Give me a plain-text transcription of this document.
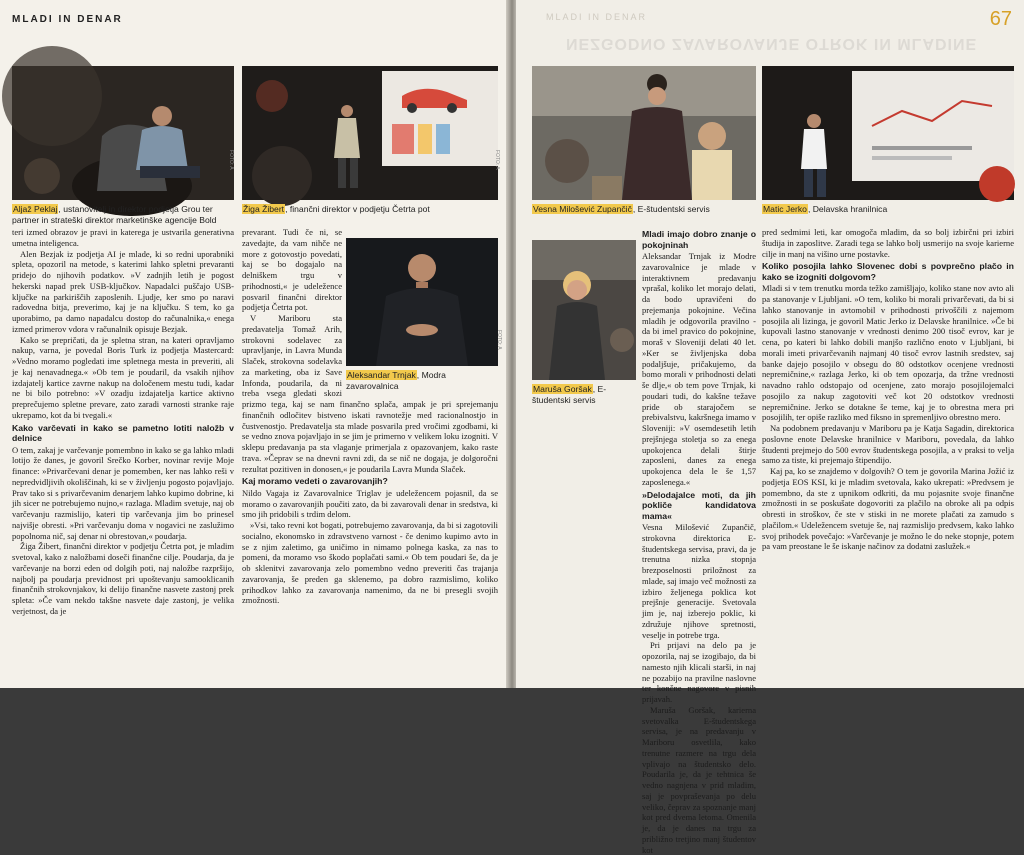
MLADI IN DENAR
FOTO: A
Aljaž Peklaj, ustanovitelj in direktor podjetja Grou ter partner in strateški direktor marketinške agencije Bold
FOTO: A
Žiga Žibert, finančni direktor v podjetju Četrta pot

teri izmed obrazov je pravi in katerega je ustvarila generativna umetna inteligenca.

Alen Bezjak iz podjetja AI je mlade, ki so redni uporabniki spleta, opozoril na metode, s katerimi lahko spletni prevaranti pridejo do njihovih podatkov. »V zadnjih letih je pogost hekerski napad prek USB-ključkov. Napadalci puščajo USB-ključke na parkiriščih zaposlenih. Ljudje, ker smo po naravi radovedna bitja, preverimo, kaj je na ključku. S tem, ko ga uporabimo, pa damo napadalcu dostop do računalnika,« enega izmed primerov vdora v računalnik opisuje Bezjak.

Kako se prepričati, da je spletna stran, na kateri opravljamo nakup, varna, je povedal Boris Turk iz podjetja Mastercard: »Vedno moramo pogledati ime spletnega mesta in preveriti, ali je kaj nenavadnega.« »Ob tem je poudaril, da vsakih njihov izdajatelj kartice zavrne nakup na določenem mestu tudi, kadar ne bi bilo potrebno: »V ozadju izdajatelja kartice aktivno preprečujemo spletne prevare, zato zaradi varnosti stranke raje ukrepamo, kot da bi tvegali.«

Kako varčevati in kako se pametno lotiti naložb v delnice

O tem, zakaj je varčevanje pomembno in kako se ga lahko mladi lotijo že danes, je govoril Srečko Korber, novinar revije Moje finance: »Privarčevani denar je pomemben, ker nas lahko reši v nepredvidljivih okoliščinah, ki se v življenju pogosto pojavljajo. Prav tako si s privarčevanim denarjem lahko kupimo dobrine, ki jih sicer ne potrebujemo nujno,« razlaga. Mladim svetuje, naj ob varčevanju razmislijo, kateri tip varčevanja jim bo prinesel najvišje obresti. »Pri varčevanju doma v nogavici ne zaslužimo popolnoma nič, saj denar ni obrestovan,« poudarja.

Žiga Žibert, finančni direktor v podjetju Četrta pot, je mladim svetoval, kako z naložbami doseči finančne cilje. Poudarja, da je varčevanje na borzi eden od dolgih poti, naj naložbe razpršijo, najbolj pa poudarja previdnost pri upoštevanju samooklicanih finančnih strokovnjakov, ki delijo finančne nasvete zastonj prek spleta: »Če vam nekdo takšne nasvete daje zastonj, je velika verjetnost, da je

prevarant. Tudi če ni, se zavedajte, da vam nihče ne more z gotovostjo povedati, kaj se bo dogajalo na delniškem trgu v prihodnosti,« je udeležence posvaril finančni direktor podjetja Četrta pot.

V Mariboru sta predavatelja Tomaž Arih, strokovni sodelavec za upravljanje, in Lavra Munda Slaček, strokovna sodelavka za marketing, oba iz Save Infonda, poudarila, da ni treba vsega gledati skozi prizmo tega, kaj se nam finančno splača, ampak je pri sprejemanju finančnih odločitev bistveno iskati ravnotežje med racionalnostjo in čustvenostjo. Predavatelja sta mlade posvarila pred vročimi zgodbami, ki se vedno znova pojavljajo in se jim je primerno v velikem loku izogniti. V sklepu predavanja pa sta vlaganje primerjala z opazovanjem, kako raste trava. »Čeprav se na dnevni ravni zdi, da se nič ne dogaja, je dolgoročni rezultat pozitiven in donosen,« je poudarila Lavra Munda Slaček.

Kaj moramo vedeti o zavarovanjih?

Nildo Vagaja iz Zavarovalnice Triglav je udeležencem pojasnil, da se moramo o zavarovanjih poučiti zato, da bi zavarovali denar in sredstva, ki smo jih pridobili s trdim delom.

»Vsi, tako revni kot bogati, potrebujemo zavarovanja, da bi si zagotovili socialno, ekonomsko in zdravstveno varnost - če denimo kupimo avto in se z njim zaletimo, ga uničimo in nimamo polnega kaska, za nas to pomeni, da moramo vso škodo poplačati sami.« Ob tem poudari še, da je ob sklenitvi zavarovanja zelo pomembno vedno preveriti čas trajanja zavarovanja, še preden ga sklenemo, pa dobro razmislimo, koliko prihodkov lahko za zavarovanja namenimo, da ne bi presegli svojih zmožnosti.

MLADI IN DENAR
NEZGODNO ZAVAROVANJE OTROK IN MLADINE
67
Vesna Milošević Zupančič, E-študentski servis	Matic Jerko, Delavska hranilnica
Maruša Goršak, E-študentski servis
Mladi imajo dobro znanje o pokojninah

Aleksandar Trnjak iz Modre zavarovalnice je mlade v interaktivnem predavanju vprašal, koliko let morajo delati, da bodo upravičeni do prejemanja pokojnine. Večina mladih je odgovorila pravilno - da bi imel pravico do pokojnine, moraš v Sloveniji delati 40 let. »Ker se življenjska doba podaljšuje, pričakujemo, da bomo morali v prihodnosti delati še dlje,« ob tem pove Trnjak, ki poudari tudi, do kakšne težave pride ob starajočem se prebivalstvu, kakršnega imamo v Sloveniji: »V osemdesetih letih prejšnjega stoletja so za enega upokojenca delali štirje zaposleni, danes za enega upokojenca dela le še 1,57 zaposlenega.«

»Delodajalce moti, da jih pokliče kandidatova mama«

Vesna Milošević Zupančič, strokovna direktorica E-študentskega servisa, pravi, da je trenutna nizka stopnja brezposelnosti priložnost za mlade, saj imajo več možnosti za izbiro željenega poklica kot prejšnje generacije. Svetovala jim je, naj izberejo poklic, ki združuje njihove spretnosti, veselje in potrebe trga.

Pri prijavi na delo pa je opozorila, naj se izogibajo, da bi namesto njih klicali starši, in naj ne pozabijo na pravilne naslovne ter končne nagovore v pisnih prijavah.

Maruša Goršak, karierna svetovalka E-študentskega servisa, je na predavanju v Mariboru osvetlila, kako trenutne razmere na trgu dela vplivajo na študentsko delo. Poudarila je, da je tehtnica še vedno nagnjena v prid mladim, saj je povpraševanja po delu veliko, čeprav za spoznanje manj kot pred dvema letoma. Omenila je, da je danes na trgu za približno tretjino manj študentov kot

pred sedmimi leti, kar omogoča mladim, da so bolj izbirčni pri izbiri študija in zaposlitve. Zaradi tega se lahko bolj usmerijo na svoje karierne cilje in manj na višino urne postavke.

Koliko posojila lahko Slovenec dobi s povprečno plačo in kako se izogniti dolgovom?

Mladi si v tem trenutku morda težko zamišljajo, koliko stane nov avto ali pa stanovanje v Ljubljani. »O tem, koliko bi morali privarčevati, da bi si lahko stanovanje in avtomobil v prihodnosti privoščili z najemom posojila ali lizinga, je govoril Matic Jerko iz Delavske hranilnice. »Če bi kupovali lastno stanovanje v vrednosti denimo 200 tisoč evrov, kar je cena, po kateri bi lahko dobili manjšo različno enoto v Ljubljani, bi morali imeti privarčevanih najmanj 40 tisoč evrov lastnih sredstev, saj banke dajejo posojilo v obsegu do 80 odstotkov ocenjene vrednosti nepremičnine,« razlaga Jerko, ki ob tem opozarja, da tržne vrednosti navadno rahlo odstopajo od ocenjene, zato morajo posojilojemalci posojilo za nakup zagotoviti več kot 20 odstotkov vrednosti nepremičnine. Jerko se dotakne še teme, kaj je to obrestna mera pri posojilih, ter opiše razliko med fiksno in spremenljivo obrestno mero.

Na podobnem predavanju v Mariboru pa je Katja Sagadin, direktorica poslovne enote Delavske hranilnice v Mariboru, povedala, da lahko študenti prejmejo do 500 evrov študentskega posojila, a v praksi to velja samo za tiste, ki prejemajo štipendijo.

Kaj pa, ko se znajdemo v dolgovih? O tem je govorila Marina Jožić iz podjetja EOS KSI, ki je mladim svetovala, kako ukrepati: »Predvsem je pomembno, da ste z upnikom odkriti, da mu pojasnite svoje finančne zmožnosti in se poskušate dogovoriti za plačilo na obroke ali pa odpis obresti in stroškov, če ste v stiski in ne morete plačati za zamudo s plačilom.« Udeležencem svetuje še, naj razmislijo predvsem, kako lahko svoj prihodek povečajo: »Varčevanje je možno le do neke stopnje, potem pa vam preostane le še iskanje načinov za dodatni zaslužek.«

Aleksandar Trnjak, Modra zavarovalnica
FOTO: A
